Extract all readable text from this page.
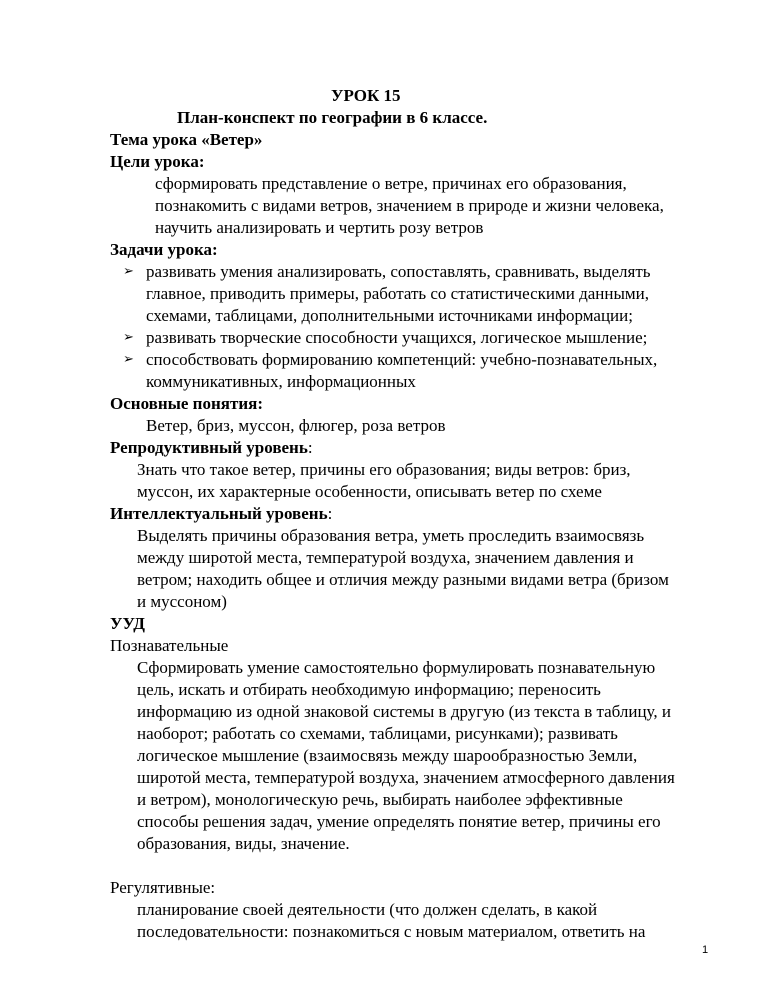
УРОК 15
План-конспект по географии в 6 классе.
Тема урока «Ветер»
Цели урока:
сформировать представление о ветре, причинах его образования,
познакомить с видами ветров, значением в природе и жизни человека,
научить анализировать и чертить розу ветров
Задачи урока:
➢ развивать умения анализировать, сопоставлять, сравнивать, выделять
главное, приводить примеры, работать со статистическими данными,
схемами, таблицами, дополнительными источниками информации;
➢ развивать творческие способности учащихся, логическое мышление;
➢ способствовать формированию компетенций: учебно-познавательных,
коммуникативных, информационных
Основные понятия:
Ветер, бриз, муссон, флюгер, роза ветров
Репродуктивный уровень:
Знать что такое ветер, причины его образования; виды ветров: бриз,
муссон, их характерные особенности, описывать ветер по схеме
Интеллектуальный уровень:
Выделять причины образования ветра, уметь проследить взаимосвязь
между широтой места, температурой воздуха, значением давления и
ветром; находить общее и отличия между разными видами ветра (бризом
и муссоном)
УУД
Познавательные
Сформировать умение самостоятельно формулировать познавательную
цель, искать и отбирать необходимую информацию; переносить
информацию из одной знаковой системы в другую (из текста в таблицу, и
наоборот; работать со схемами, таблицами, рисунками); развивать
логическое мышление (взаимосвязь между шарообразностью Земли,
широтой места, температурой воздуха, значением атмосферного давления
и ветром), монологическую речь, выбирать наиболее эффективные
способы решения задач, умение определять понятие ветер, причины его
образования, виды, значение.
Регулятивные:
планирование своей деятельности (что должен сделать, в какой
последовательности: познакомиться с новым материалом, ответить на
1
